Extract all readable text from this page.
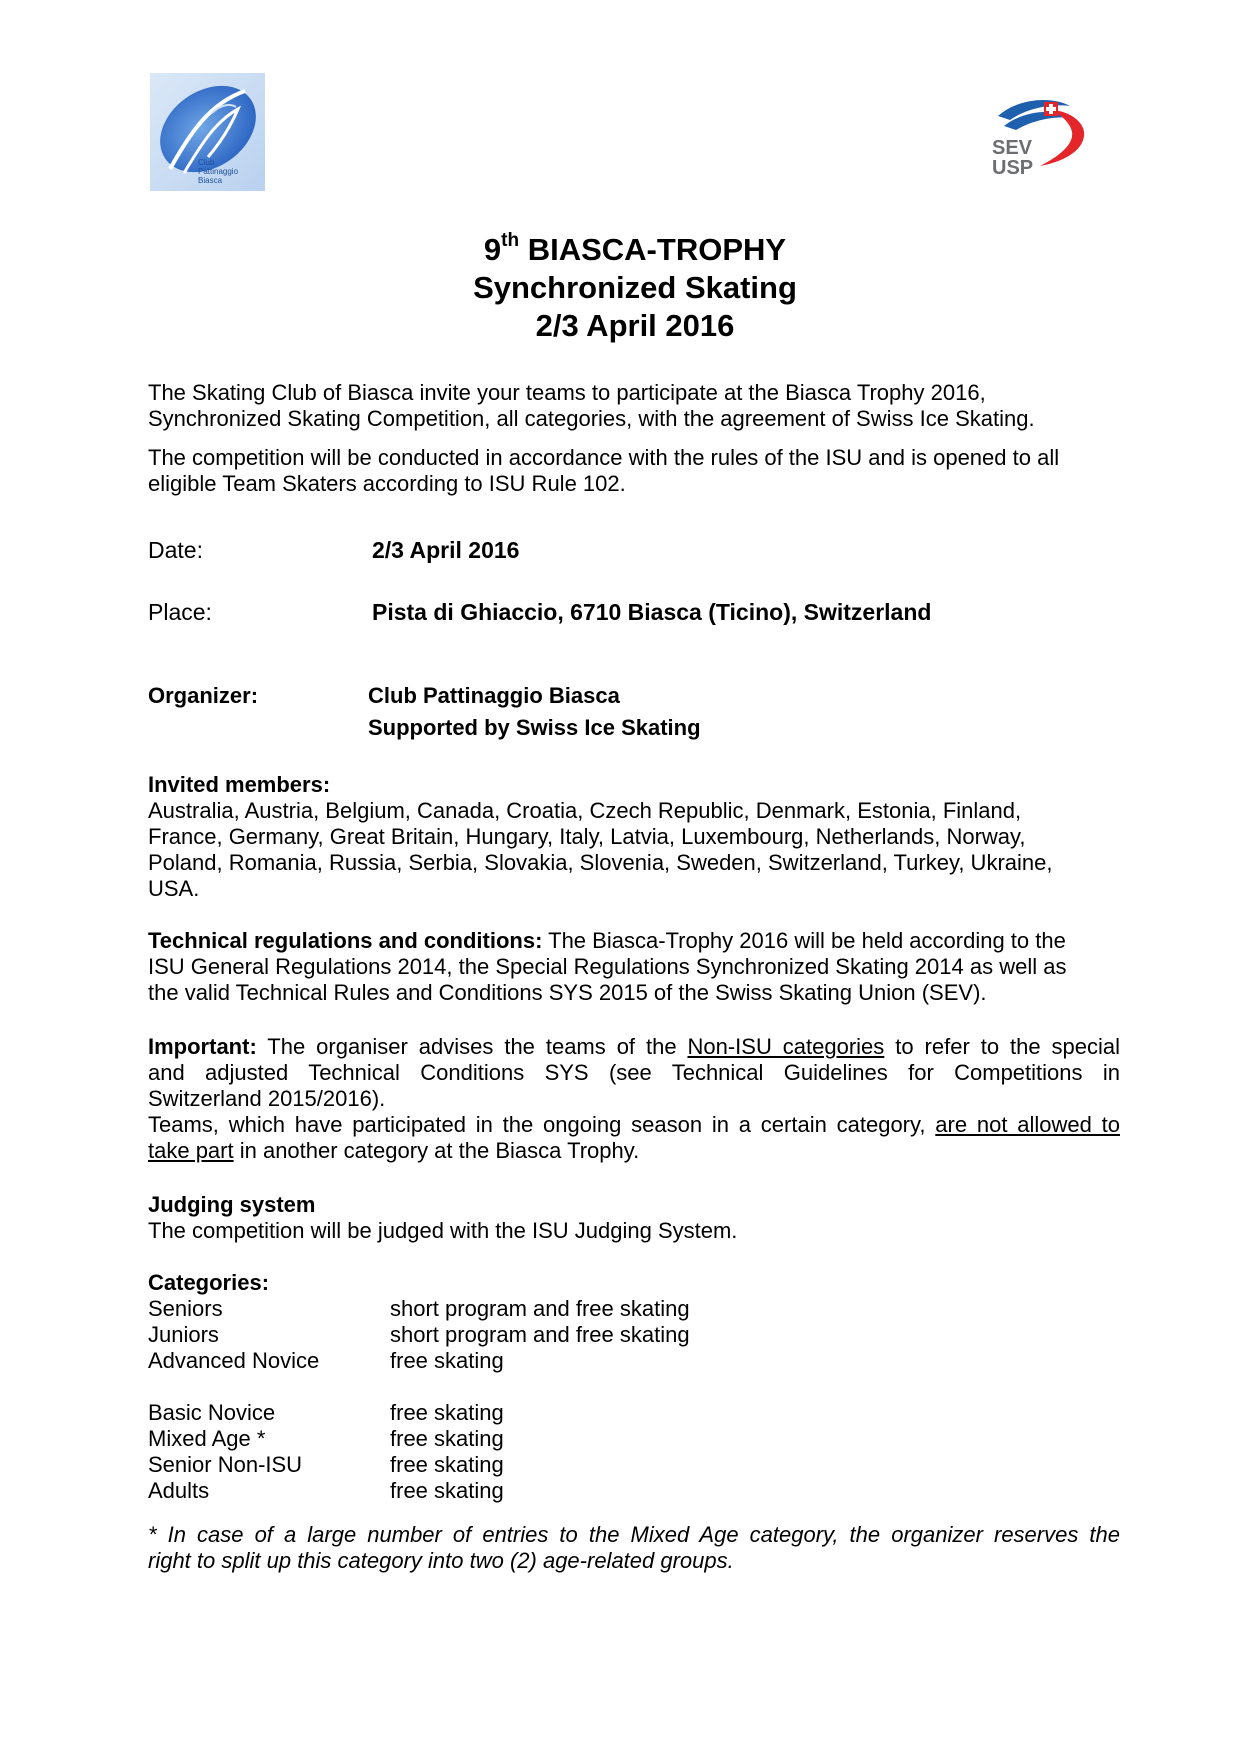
Club
Pattinaggio
Biasca
SEV
USP
9th BIASCA-TROPHY
Synchronized Skating
2/3 April 2016
The Skating Club of Biasca invite your teams to participate at the Biasca Trophy 2016,
Synchronized Skating Competition, all categories, with the agreement of Swiss Ice Skating.
The competition will be conducted in accordance with the rules of the ISU and is opened to all
eligible Team Skaters according to ISU Rule 102.
Date:	2/3 April 2016
Place:	Pista di Ghiaccio, 6710 Biasca (Ticino), Switzerland
Organizer:	Club Pattinaggio Biasca
Supported by Swiss Ice Skating
Invited members:
Australia, Austria, Belgium, Canada, Croatia, Czech Republic, Denmark, Estonia, Finland,
France, Germany, Great Britain, Hungary, Italy, Latvia, Luxembourg, Netherlands, Norway,
Poland, Romania, Russia, Serbia, Slovakia, Slovenia, Sweden, Switzerland, Turkey, Ukraine,
USA.
Technical regulations and conditions: The Biasca-Trophy 2016 will be held according to the
ISU General Regulations 2014, the Special Regulations Synchronized Skating 2014 as well as
the valid Technical Rules and Conditions SYS 2015 of the Swiss Skating Union (SEV).
Important: The organiser advises the teams of the Non-ISU categories to refer to the special
and adjusted Technical Conditions SYS (see Technical Guidelines for Competitions in
Switzerland 2015/2016).
Teams, which have participated in the ongoing season in a certain category, are not allowed to
take part in another category at the Biasca Trophy.
Judging system
The competition will be judged with the ISU Judging System.
Categories:
Seniors	short program and free skating
Juniors	short program and free skating
Advanced Novice	free skating
Basic Novice	free skating
Mixed Age *	free skating
Senior Non-ISU	free skating
Adults	free skating
* In case of a large number of entries to the Mixed Age category, the organizer reserves the
right to split up this category into two (2) age-related groups.
